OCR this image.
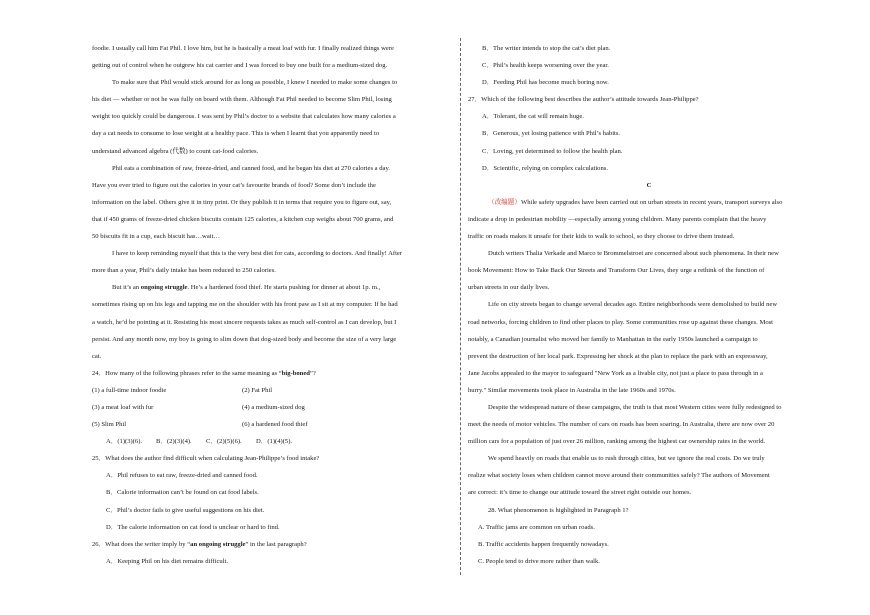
foodie. I usually call him Fat Phil. I love him, but he is basically a meat loaf with fur. I finally realized things were
getting out of control when he outgrew his cat carrier and I was forced to buy one built for a medium-sized dog.
To make sure that Phil would stick around for as long as possible, I knew I needed to make some changes to
his diet — whether or not he was fully on board with them. Although Fat Phil needed to become Slim Phil, losing
weight too quickly could be dangerous. I was sent by Phil’s doctor to a website that calculates how many calories a
day a cat needs to consume to lose weight at a healthy pace. This is when I learnt that you apparently need to
understand advanced algebra (代数) to count cat-food calories.
Phil eats a combination of raw, freeze-dried, and canned food, and he began his diet at 270 calories a day.
Have you ever tried to figure out the calories in your cat’s favourite brands of food? Some don’t include the
information on the label. Others give it in tiny print. Or they publish it in terms that require you to figure out, say,
that if 450 grams of freeze-dried chicken biscuits contain 125 calories, a kitchen cup weighs about 700 grams, and
50 biscuits fit in a cup, each biscuit has…wait…
I have to keep reminding myself that this is the very best diet for cats, according to doctors. And finally! After
more than a year, Phil’s daily intake has been reduced to 250 calories.
But it’s an ongoing struggle. He’s a hardened food thief. He starts pushing for dinner at about 1p. m.,
sometimes rising up on his legs and tapping me on the shoulder with his front paw as I sit at my computer. If he had
a watch, he’d be pointing at it. Resisting his most sincere requests takes as much self-control as I can develop, but I
persist. And any month now, my boy is going to slim down that dog-sized body and become the size of a very large
cat.
24．How many of the following phrases refer to the same meaning as “big-boned”?
(1) a full-time indoor foodie	(2) Fat Phil
(3) a meat loaf with fur	(4) a medium-sized dog
(5) Slim Phil	(6) a hardened food thief
A．(1)(3)(6). B．(2)(3)(4). C．(2)(5)(6). D．(1)(4)(5).
25．What does the author find difficult when calculating Jean-Philippe’s food intake?
A．Phil refuses to eat raw, freeze-dried and canned food.
B．Calorie information can’t be found on cat food labels.
C．Phil’s doctor fails to give useful suggestions on his diet.
D．The calorie information on cat food is unclear or hard to find.
26．What does the writer imply by “an ongoing struggle” in the last paragraph?
A．Keeping Phil on his diet remains difficult.
B．The writer intends to stop the cat’s diet plan.
C．Phil’s health keeps worsening over the year.
D．Feeding Phil has become much boring now.
27．Which of the following best describes the author’s attitude towards Jean-Philippe?
A．Tolerant, the cat will remain huge.
B．Generous, yet losing patience with Phil’s habits.
C．Loving, yet determined to follow the health plan.
D．Scientific, relying on complex calculations.
C
（改编题）While safety upgrades have been carried out on urban streets in recent years, transport surveys also
indicate a drop in pedestrian mobility —especially among young children. Many parents complain that the heavy
traffic on roads makes it unsafe for their kids to walk to school, so they choose to drive them instead.
Dutch writers Thalia Verkade and Marco te Brommelstroet are concerned about such phenomena. In their new
book Movement: How to Take Back Our Streets and Transform Our Lives, they urge a rethink of the function of
urban streets in our daily lives.
Life on city streets began to change several decades ago. Entire neighborhoods were demolished to build new
road networks, forcing children to find other places to play. Some communities rose up against these changes. Most
notably, a Canadian journalist who moved her family to Manhattan in the early 1950s launched a campaign to
prevent the destruction of her local park. Expressing her shock at the plan to replace the park with an expressway,
Jane Jacobs appealed to the mayor to safeguard "New York as a livable city, not just a place to pass through in a
hurry." Similar movements took place in Australia in the late 1960s and 1970s.
Despite the widespread nature of these campaigns, the truth is that most Western cities were fully redesigned to
meet the needs of motor vehicles. The number of cars on roads has been soaring. In Australia, there are now over 20
million cars for a population of just over 26 million, ranking among the highest car ownership rates in the world.
We spend heavily on roads that enable us to rush through cities, but we ignore the real costs. Do we truly
realize what society loses when children cannot move around their communities safely? The authors of Movement
are correct: it’s time to change our attitude toward the street right outside our homes.
28. What phenomenon is highlighted in Paragraph 1?
A. Traffic jams are common on urban roads.
B. Traffic accidents happen frequently nowadays.
C. People tend to drive more rather than walk.
